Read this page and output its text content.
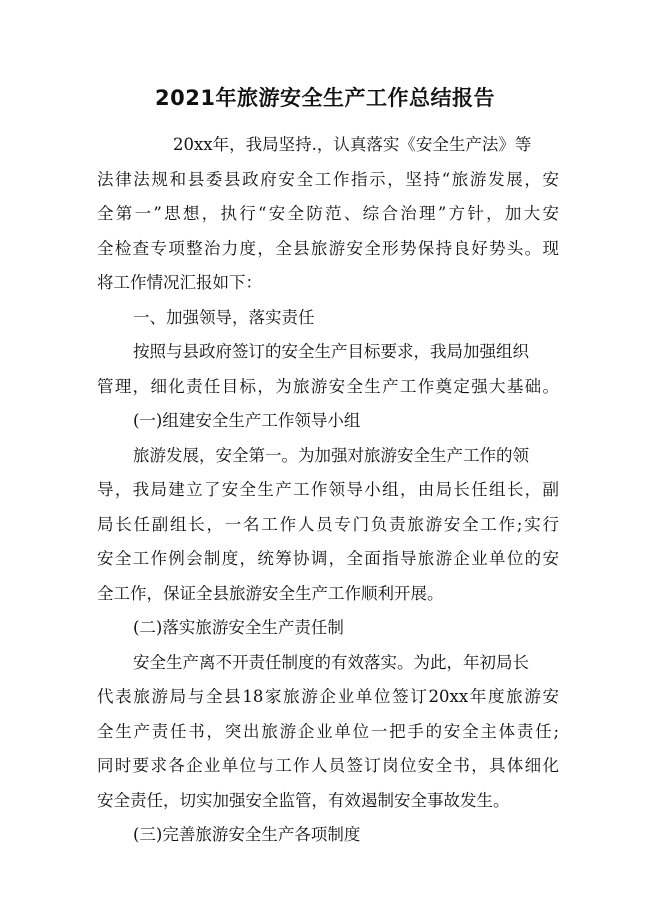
2021年旅游安全生产工作总结报告
20xx年，我局坚持.，认真落实《安全生产法》等
法律法规和县委县政府安全工作指示，坚持“旅游发展，安
全第一”思想，执行“安全防范、综合治理”方针，加大安
全检查专项整治力度，全县旅游安全形势保持良好势头。现
将工作情况汇报如下：
一、加强领导，落实责任
按照与县政府签订的安全生产目标要求，我局加强组织
管理，细化责任目标，为旅游安全生产工作奠定强大基础。
(一)组建安全生产工作领导小组
旅游发展，安全第一。为加强对旅游安全生产工作的领
导，我局建立了安全生产工作领导小组，由局长任组长，副
局长任副组长，一名工作人员专门负责旅游安全工作;实行
安全工作例会制度，统筹协调，全面指导旅游企业单位的安
全工作，保证全县旅游安全生产工作顺利开展。
(二)落实旅游安全生产责任制
安全生产离不开责任制度的有效落实。为此，年初局长
代表旅游局与全县18家旅游企业单位签订20xx年度旅游安
全生产责任书，突出旅游企业单位一把手的安全主体责任;
同时要求各企业单位与工作人员签订岗位安全书，具体细化
安全责任，切实加强安全监管，有效遏制安全事故发生。
(三)完善旅游安全生产各项制度
